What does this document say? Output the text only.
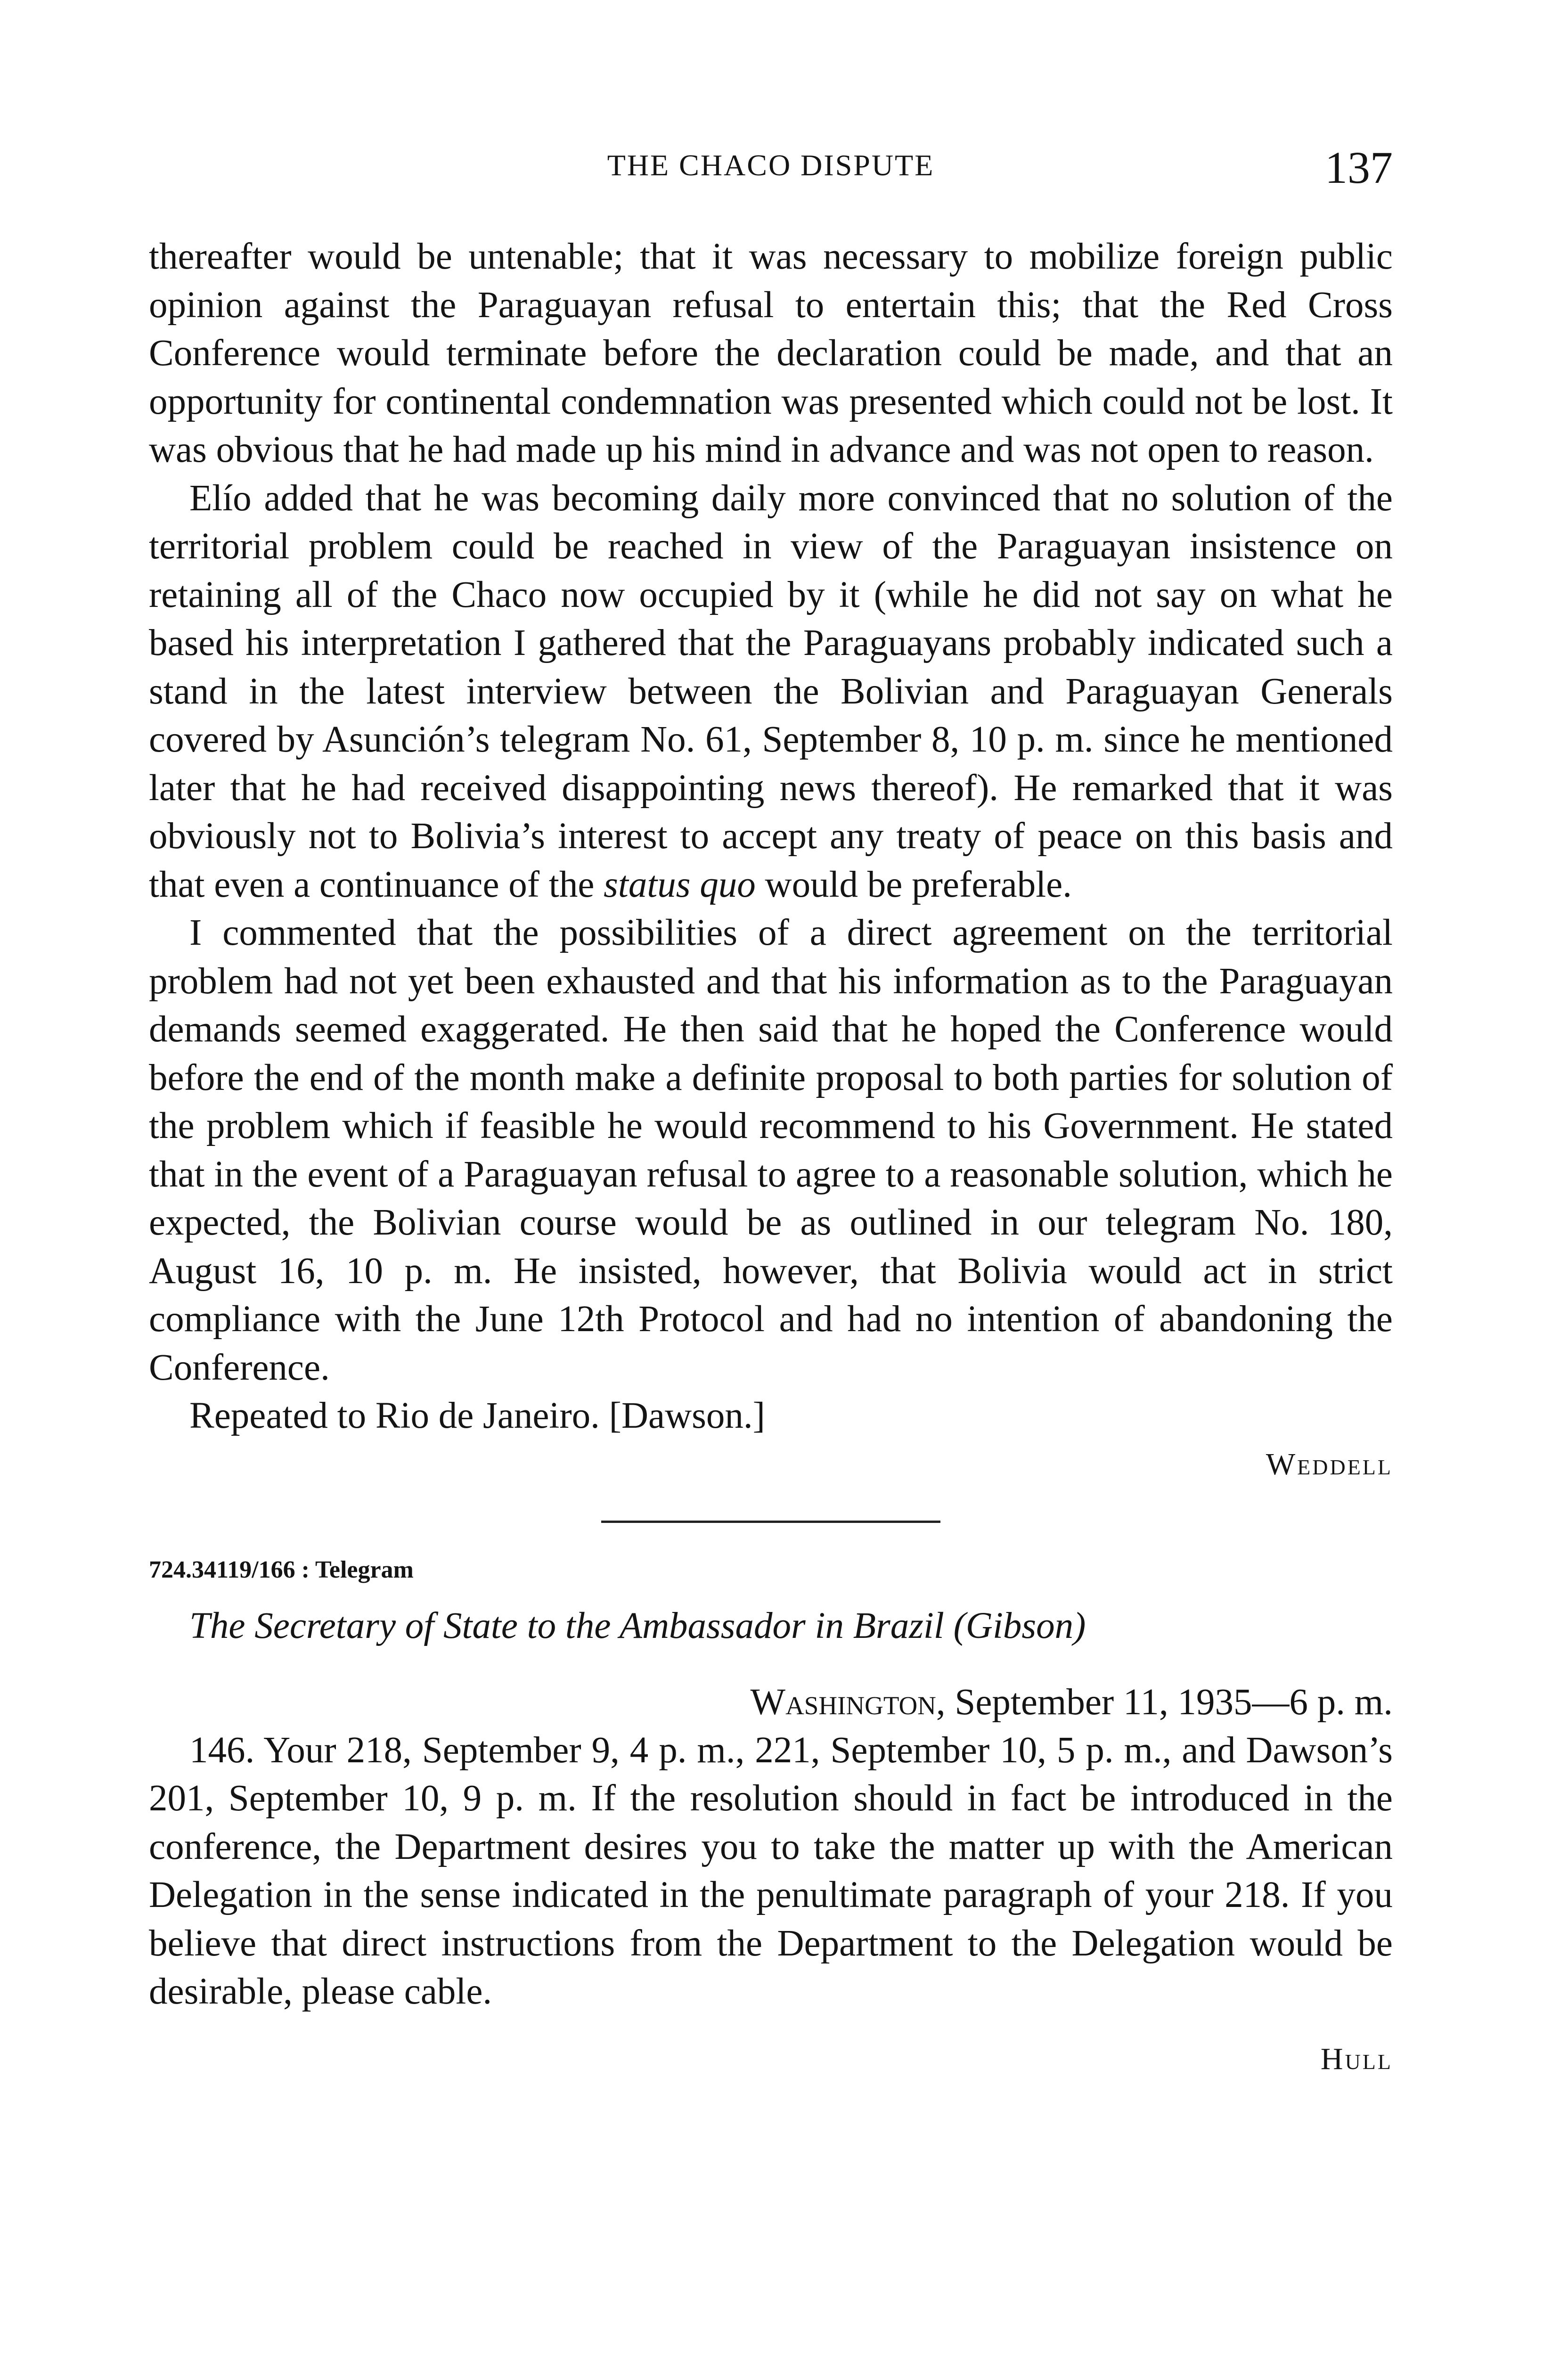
THE CHACO DISPUTE	137

thereafter would be untenable; that it was necessary to mobilize foreign public opinion against the Paraguayan refusal to entertain this; that the Red Cross Conference would terminate before the declaration could be made, and that an opportunity for continental condemnation was presented which could not be lost. It was obvious that he had made up his mind in advance and was not open to reason.

Elío added that he was becoming daily more convinced that no solution of the territorial problem could be reached in view of the Paraguayan insistence on retaining all of the Chaco now occupied by it (while he did not say on what he based his interpretation I gathered that the Paraguayans probably indicated such a stand in the latest interview between the Bolivian and Paraguayan Generals covered by Asunción’s telegram No. 61, September 8, 10 p. m. since he mentioned later that he had received disappointing news thereof). He remarked that it was obviously not to Bolivia’s interest to accept any treaty of peace on this basis and that even a continuance of the status quo would be preferable.

I commented that the possibilities of a direct agreement on the territorial problem had not yet been exhausted and that his information as to the Paraguayan demands seemed exaggerated. He then said that he hoped the Conference would before the end of the month make a definite proposal to both parties for solution of the problem which if feasible he would recommend to his Government. He stated that in the event of a Paraguayan refusal to agree to a reasonable solution, which he expected, the Bolivian course would be as outlined in our telegram No. 180, August 16, 10 p. m. He insisted, however, that Bolivia would act in strict compliance with the June 12th Protocol and had no intention of abandoning the Conference.

Repeated to Rio de Janeiro. [Dawson.]

Weddell

724.34119/166 : Telegram

The Secretary of State to the Ambassador in Brazil (Gibson)

Washington, September 11, 1935—6 p. m.

146. Your 218, September 9, 4 p. m., 221, September 10, 5 p. m., and Dawson’s 201, September 10, 9 p. m. If the resolution should in fact be introduced in the conference, the Department desires you to take the matter up with the American Delegation in the sense indicated in the penultimate paragraph of your 218. If you believe that direct instructions from the Department to the Delegation would be desirable, please cable.

Hull
